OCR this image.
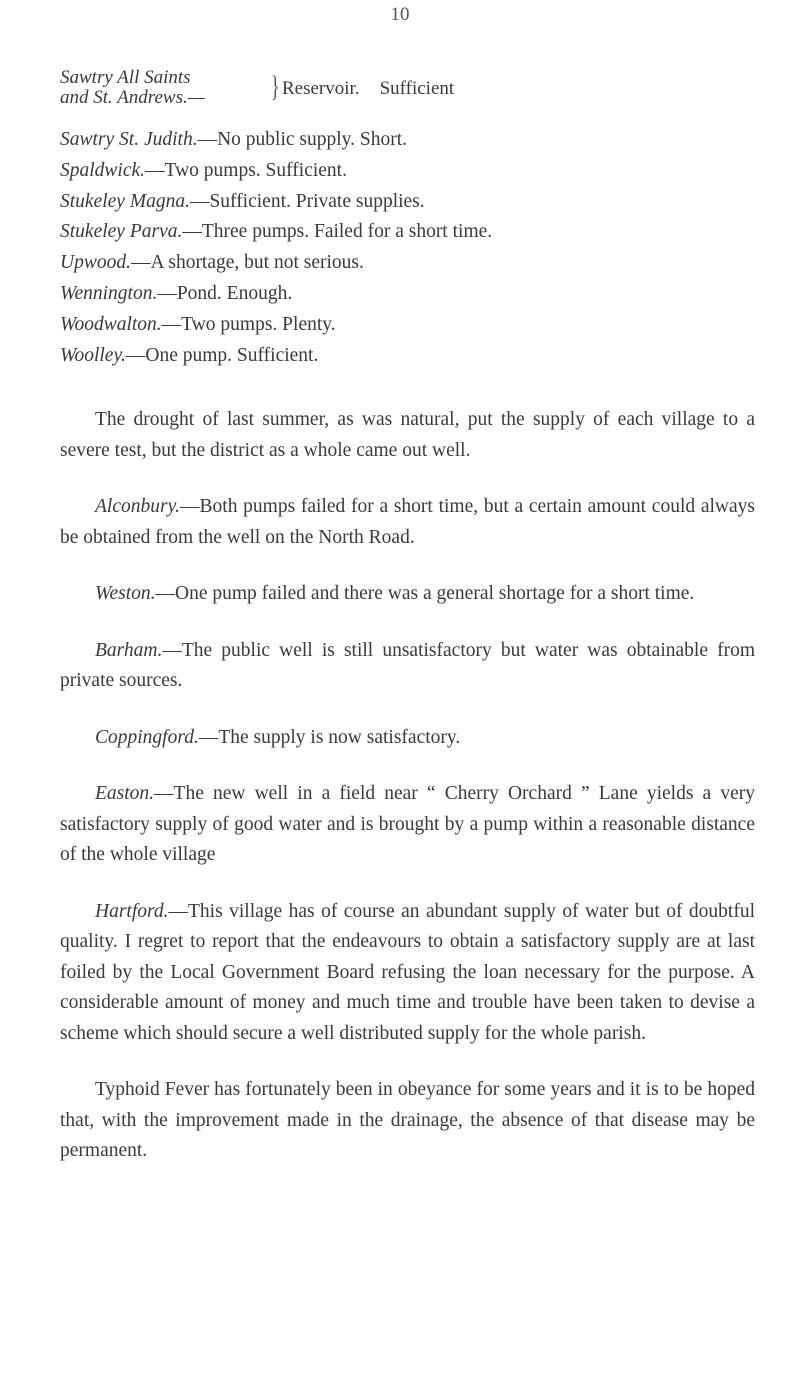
10
Sawtry All Saints
and St. Andrews.— } Reservoir. Sufficient
Sawtry St. Judith.—No public supply. Short.
Spaldwick.—Two pumps. Sufficient.
Stukeley Magna.—Sufficient. Private supplies.
Stukeley Parva.—Three pumps. Failed for a short time.
Upwood.—A shortage, but not serious.
Wennington.—Pond. Enough.
Woodwalton.—Two pumps. Plenty.
Woolley.—One pump. Sufficient.

The drought of last summer, as was natural, put the supply of each village to a severe test, but the district as a whole came out well.

Alconbury.—Both pumps failed for a short time, but a certain amount could always be obtained from the well on the North Road.

Weston.—One pump failed and there was a general shortage for a short time.

Barham.—The public well is still unsatisfactory but water was obtainable from private sources.

Coppingford.—The supply is now satisfactory.

Easton.—The new well in a field near “ Cherry Orchard ” Lane yields a very satisfactory supply of good water and is brought by a pump within a reasonable distance of the whole village

Hartford.—This village has of course an abundant supply of water but of doubtful quality. I regret to report that the endeavours to obtain a satisfactory supply are at last foiled by the Local Government Board refusing the loan necessary for the purpose. A considerable amount of money and much time and trouble have been taken to devise a scheme which should secure a well distributed supply for the whole parish.

Typhoid Fever has fortunately been in obeyance for some years and it is to be hoped that, with the improvement made in the drainage, the absence of that disease may be permanent.
